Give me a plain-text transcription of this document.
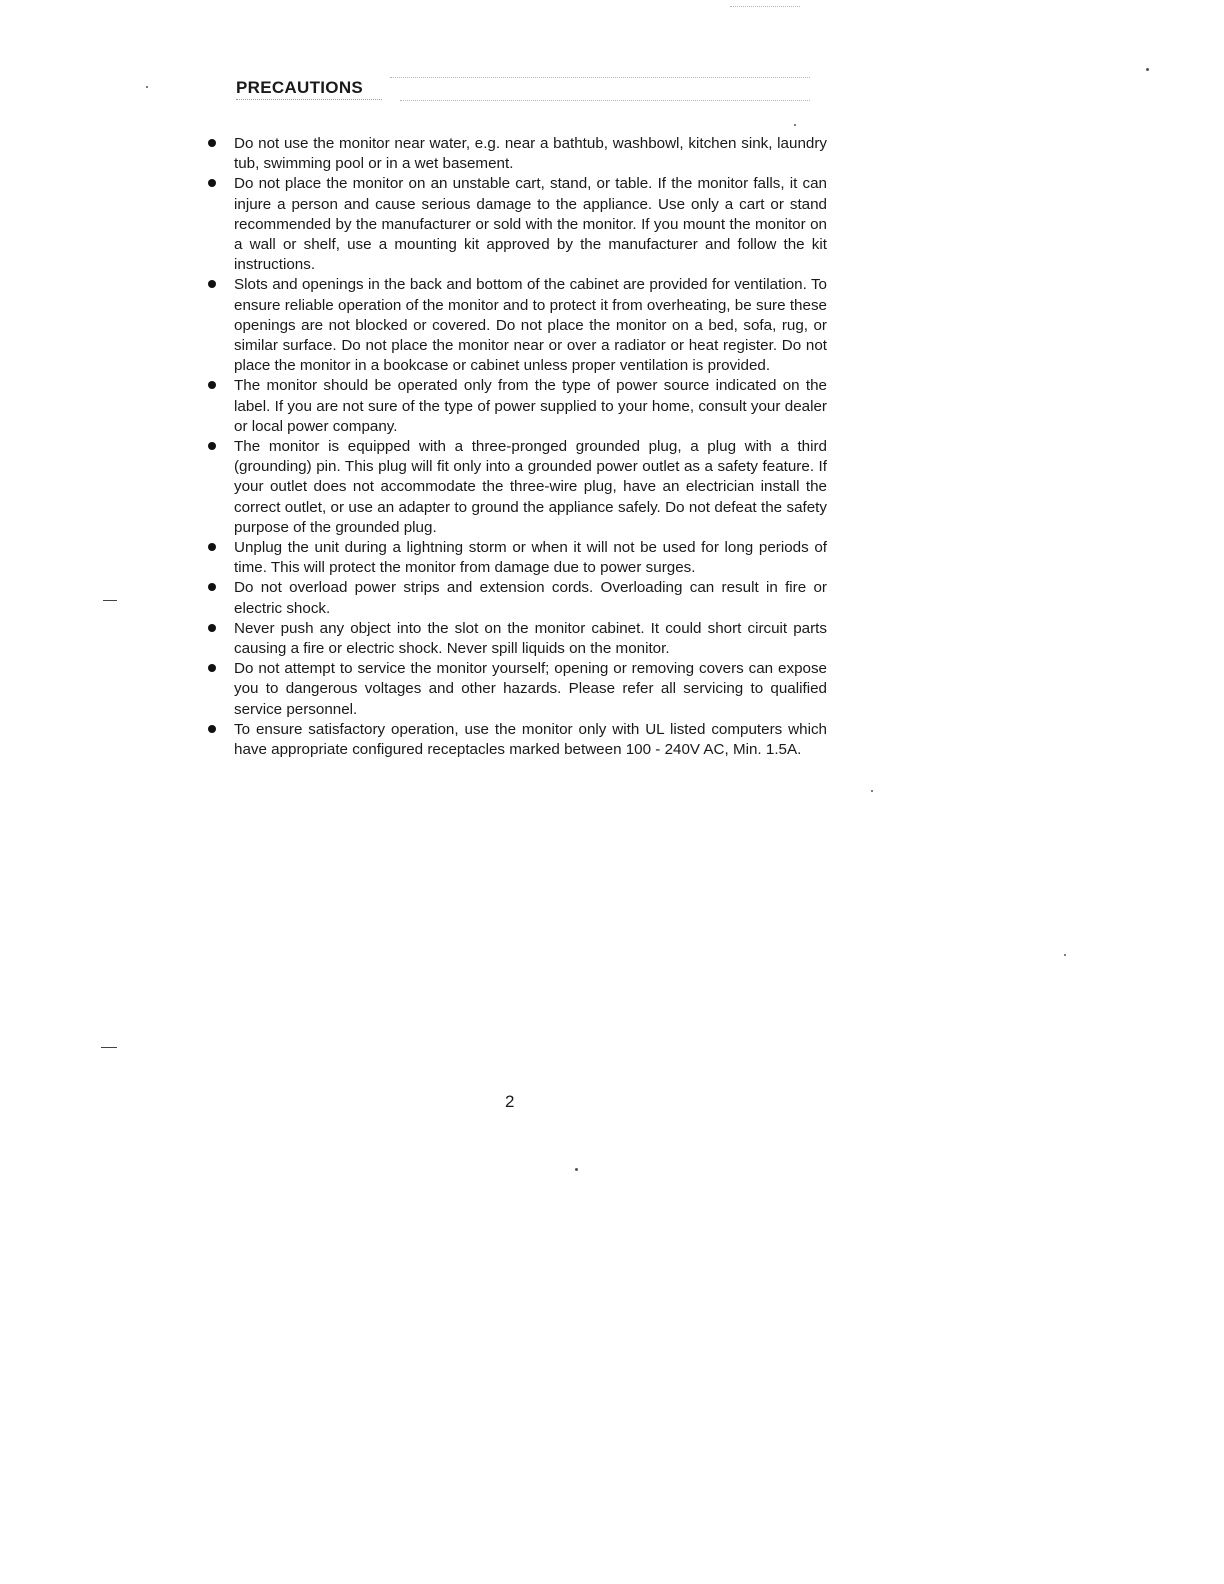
PRECAUTIONS
Do not use the monitor near water, e.g. near a bathtub, washbowl, kitchen sink, laundry tub, swimming pool or in a wet basement.
Do not place the monitor on an unstable cart, stand, or table. If the monitor falls, it can injure a person and cause serious damage to the appliance. Use only a cart or stand recommended by the manufacturer or sold with the monitor. If you mount the monitor on a wall or shelf, use a mounting kit approved by the manufacturer and follow the kit instructions.
Slots and openings in the back and bottom of the cabinet are provided for ventilation. To ensure reliable operation of the monitor and to protect it from overheating, be sure these openings are not blocked or covered. Do not place the monitor on a bed, sofa, rug, or similar surface. Do not place the monitor near or over a radiator or heat register. Do not place the monitor in a bookcase or cabinet unless proper ventilation is provided.
The monitor should be operated only from the type of power source indicated on the label. If you are not sure of the type of power supplied to your home, consult your dealer or local power company.
The monitor is equipped with a three-pronged grounded plug, a plug with a third (grounding) pin. This plug will fit only into a grounded power outlet as a safety feature. If your outlet does not accommodate the three-wire plug, have an electrician install the correct outlet, or use an adapter to ground the appliance safely. Do not defeat the safety purpose of the grounded plug.
Unplug the unit during a lightning storm or when it will not be used for long periods of time. This will protect the monitor from damage due to power surges.
Do not overload power strips and extension cords. Overloading can result in fire or electric shock.
Never push any object into the slot on the monitor cabinet. It could short circuit parts causing a fire or electric shock. Never spill liquids on the monitor.
Do not attempt to service the monitor yourself; opening or removing covers can expose you to dangerous voltages and other hazards. Please refer all servicing to qualified service personnel.
To ensure satisfactory operation, use the monitor only with UL listed computers which have appropriate configured receptacles marked between 100 - 240V AC, Min. 1.5A.

2
